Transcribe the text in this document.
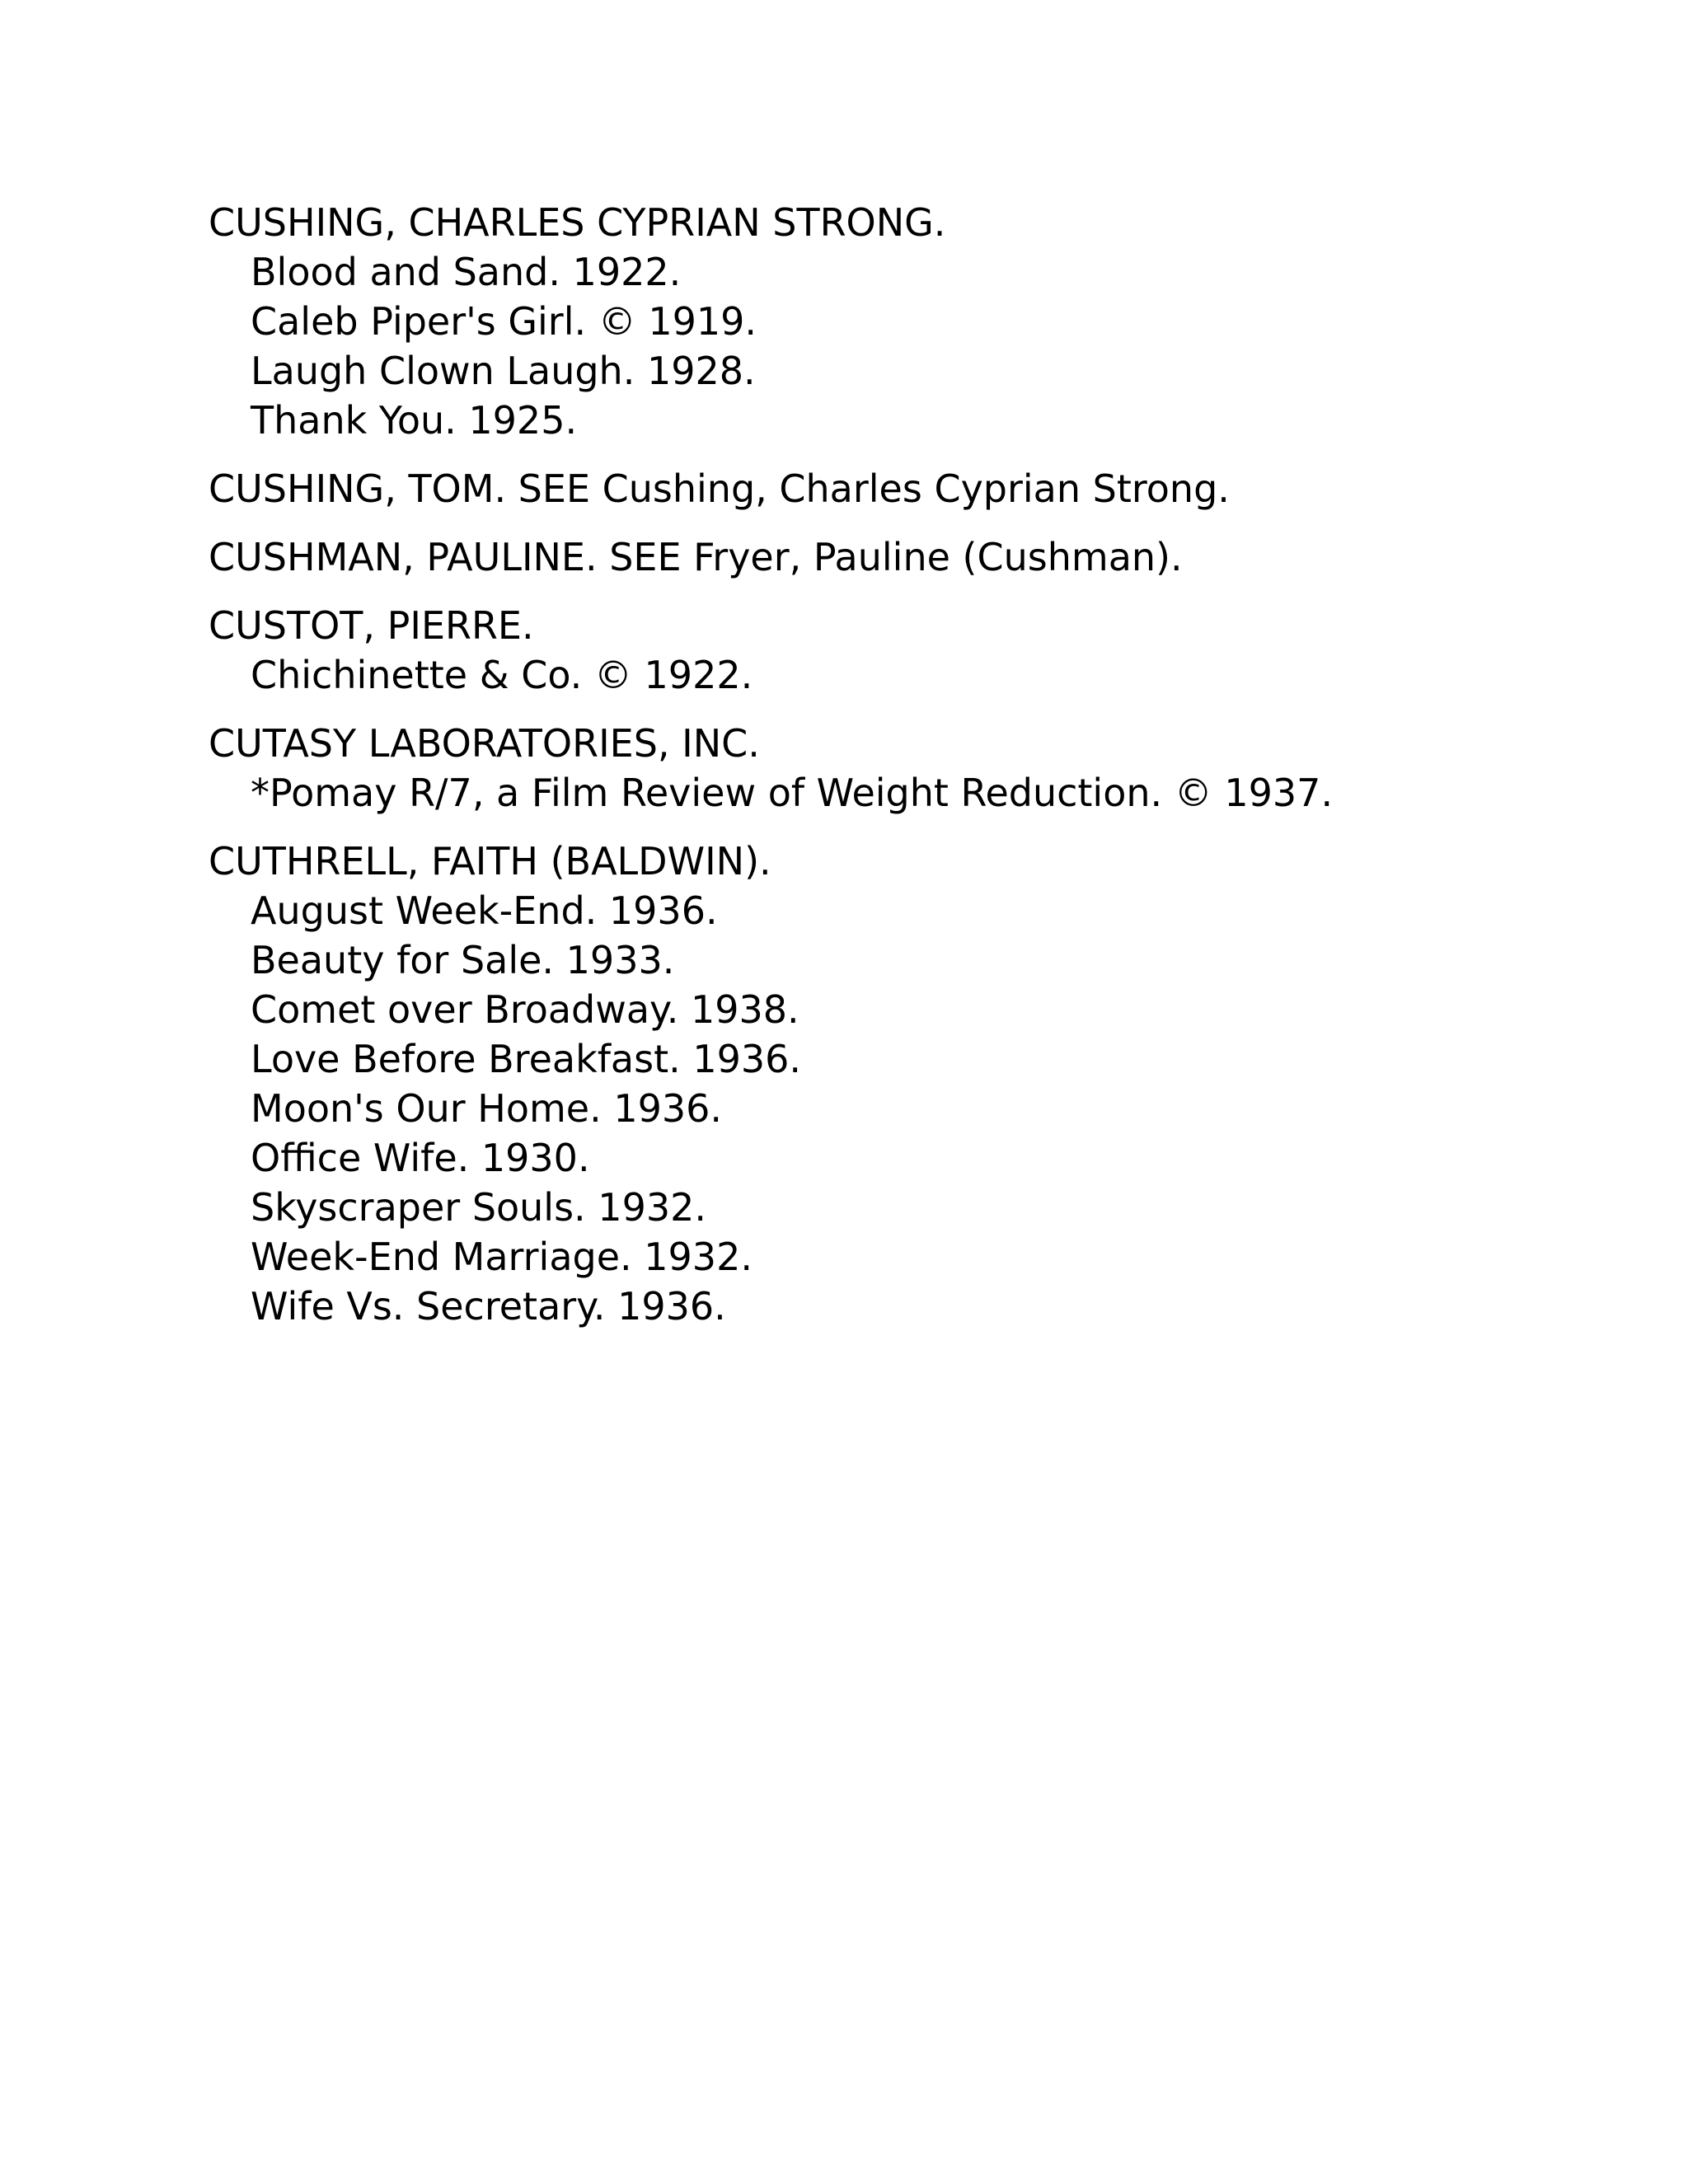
CUSHING, CHARLES CYPRIAN STRONG.
Blood and Sand. 1922.
Caleb Piper's Girl. © 1919.
Laugh Clown Laugh. 1928.
Thank You. 1925.
CUSHING, TOM. SEE Cushing, Charles Cyprian Strong.
CUSHMAN, PAULINE. SEE Fryer, Pauline (Cushman).
CUSTOT, PIERRE.
Chichinette & Co. © 1922.
CUTASY LABORATORIES, INC.
*Pomay R/7, a Film Review of Weight Reduction. © 1937.
CUTHRELL, FAITH (BALDWIN).
August Week-End. 1936.
Beauty for Sale. 1933.
Comet over Broadway. 1938.
Love Before Breakfast. 1936.
Moon's Our Home. 1936.
Office Wife. 1930.
Skyscraper Souls. 1932.
Week-End Marriage. 1932.
Wife Vs. Secretary. 1936.
